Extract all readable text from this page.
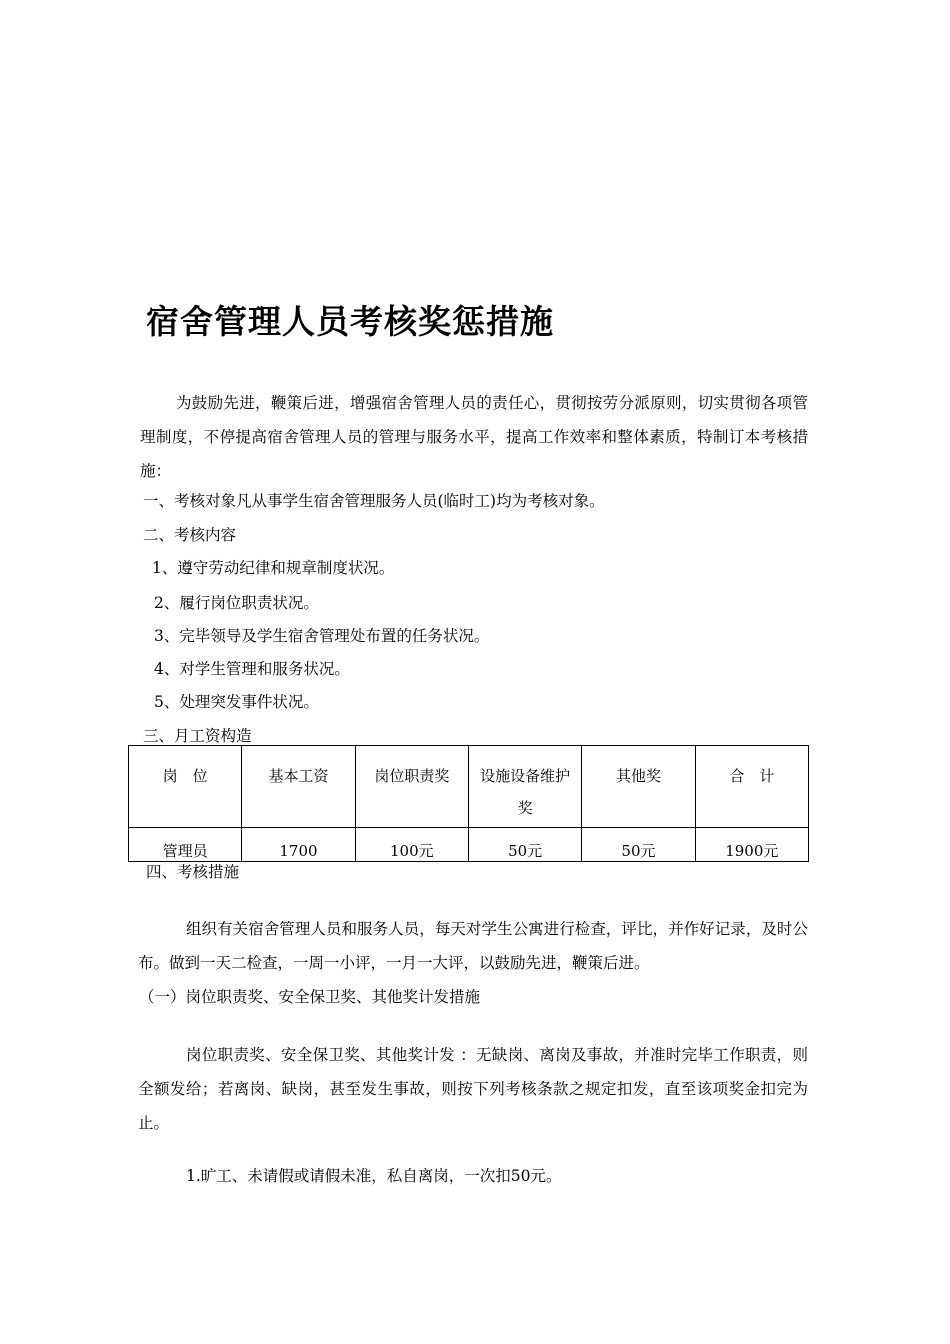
宿舍管理人员考核奖惩措施

为鼓励先进，鞭策后进，增强宿舍管理人员的责任心，贯彻按劳分派原则，切实贯彻各项管理制度，不停提高宿舍管理人员的管理与服务水平，提高工作效率和整体素质，特制订本考核措施：

一、考核对象凡从事学生宿舍管理服务人员(临时工)均为考核对象。

二、考核内容

1、遵守劳动纪律和规章制度状况。

2、履行岗位职责状况。

3、完毕领导及学生宿舍管理处布置的任务状况。

4、对学生管理和服务状况。

5、处理突发事件状况。

三、月工资构造

岗　位	基本工资	岗位职责奖	设施设备维护奖	其他奖	合　计
管理员	1700	100元	50元	50元	1900元

四、考核措施

组织有关宿舍管理人员和服务人员，每天对学生公寓进行检查，评比，并作好记录，及时公布。做到一天二检查，一周一小评，一月一大评，以鼓励先进，鞭策后进。

（一）岗位职责奖、安全保卫奖、其他奖计发措施

岗位职责奖、安全保卫奖、其他奖计发 ：无缺岗、离岗及事故，并准时完毕工作职责，则全额发给；若离岗、缺岗，甚至发生事故，则按下列考核条款之规定扣发，直至该项奖金扣完为止。

1.旷工、未请假或请假未准，私自离岗，一次扣50元。
